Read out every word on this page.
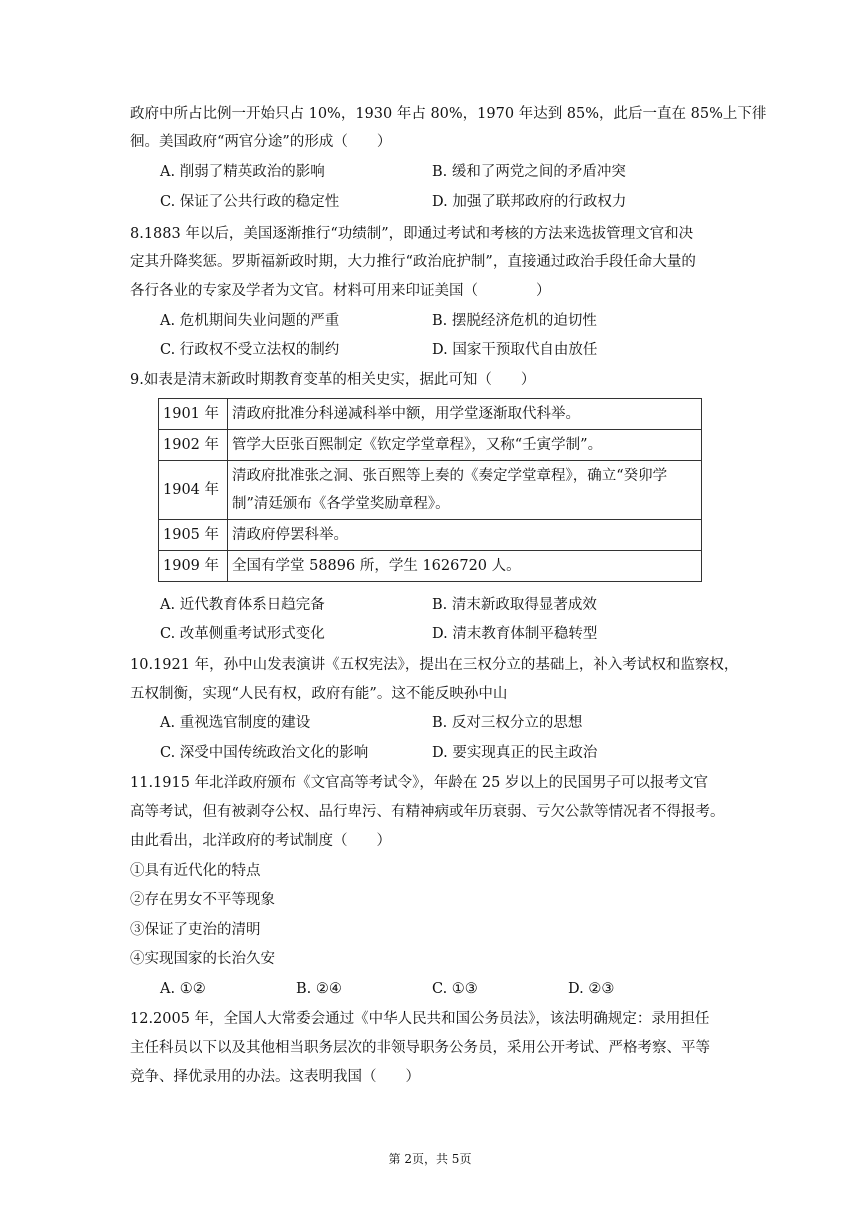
政府中所占比例一开始只占 10%，1930 年占 80%，1970 年达到 85%，此后一直在 85%上下徘
徊。美国政府“两官分途”的形成（　　）
A. 削弱了精英政治的影响	B. 缓和了两党之间的矛盾冲突
C. 保证了公共行政的稳定性	D. 加强了联邦政府的行政权力
8.1883 年以后，美国逐渐推行“功绩制”，即通过考试和考核的方法来选拔管理文官和决
定其升降奖惩。罗斯福新政时期，大力推行“政治庇护制”，直接通过政治手段任命大量的
各行各业的专家及学者为文官。材料可用来印证美国（　　　　）
A. 危机期间失业问题的严重	B. 摆脱经济危机的迫切性
C. 行政权不受立法权的制约	D. 国家干预取代自由放任
9.如表是清末新政时期教育变革的相关史实，据此可知（　　）
1901 年	清政府批准分科递减科举中额，用学堂逐渐取代科举。
1902 年	管学大臣张百熙制定《钦定学堂章程》，又称“壬寅学制”。
1904 年	清政府批准张之洞、张百熙等上奏的《奏定学堂章程》，确立“癸卯学
制”清廷颁布《各学堂奖励章程》。

1905 年	清政府停罢科举。
1909 年	全国有学堂 58896 所，学生 1626720 人。
A. 近代教育体系日趋完备	B. 清末新政取得显著成效
C. 改革侧重考试形式变化	D. 清末教育体制平稳转型
10.1921 年，孙中山发表演讲《五权宪法》，提出在三权分立的基础上，补入考试权和监察权，
五权制衡，实现“人民有权，政府有能”。这不能反映孙中山
A. 重视选官制度的建设	B. 反对三权分立的思想
C. 深受中国传统政治文化的影响	D. 要实现真正的民主政治
11.1915 年北洋政府颁布《文官高等考试令》，年龄在 25 岁以上的民国男子可以报考文官
高等考试，但有被剥夺公权、品行卑污、有精神病或年历衰弱、亏欠公款等情况者不得报考。
由此看出，北洋政府的考试制度（　　）
①具有近代化的特点
②存在男女不平等现象
③保证了吏治的清明
④实现国家的长治久安
A. ①②	B. ②④	C. ①③	D. ②③
12.2005 年，全国人大常委会通过《中华人民共和国公务员法》，该法明确规定：录用担任
主任科员以下以及其他相当职务层次的非领导职务公务员，采用公开考试、严格考察、平等
竞争、择优录用的办法。这表明我国（　　）
第 2页，共 5页
